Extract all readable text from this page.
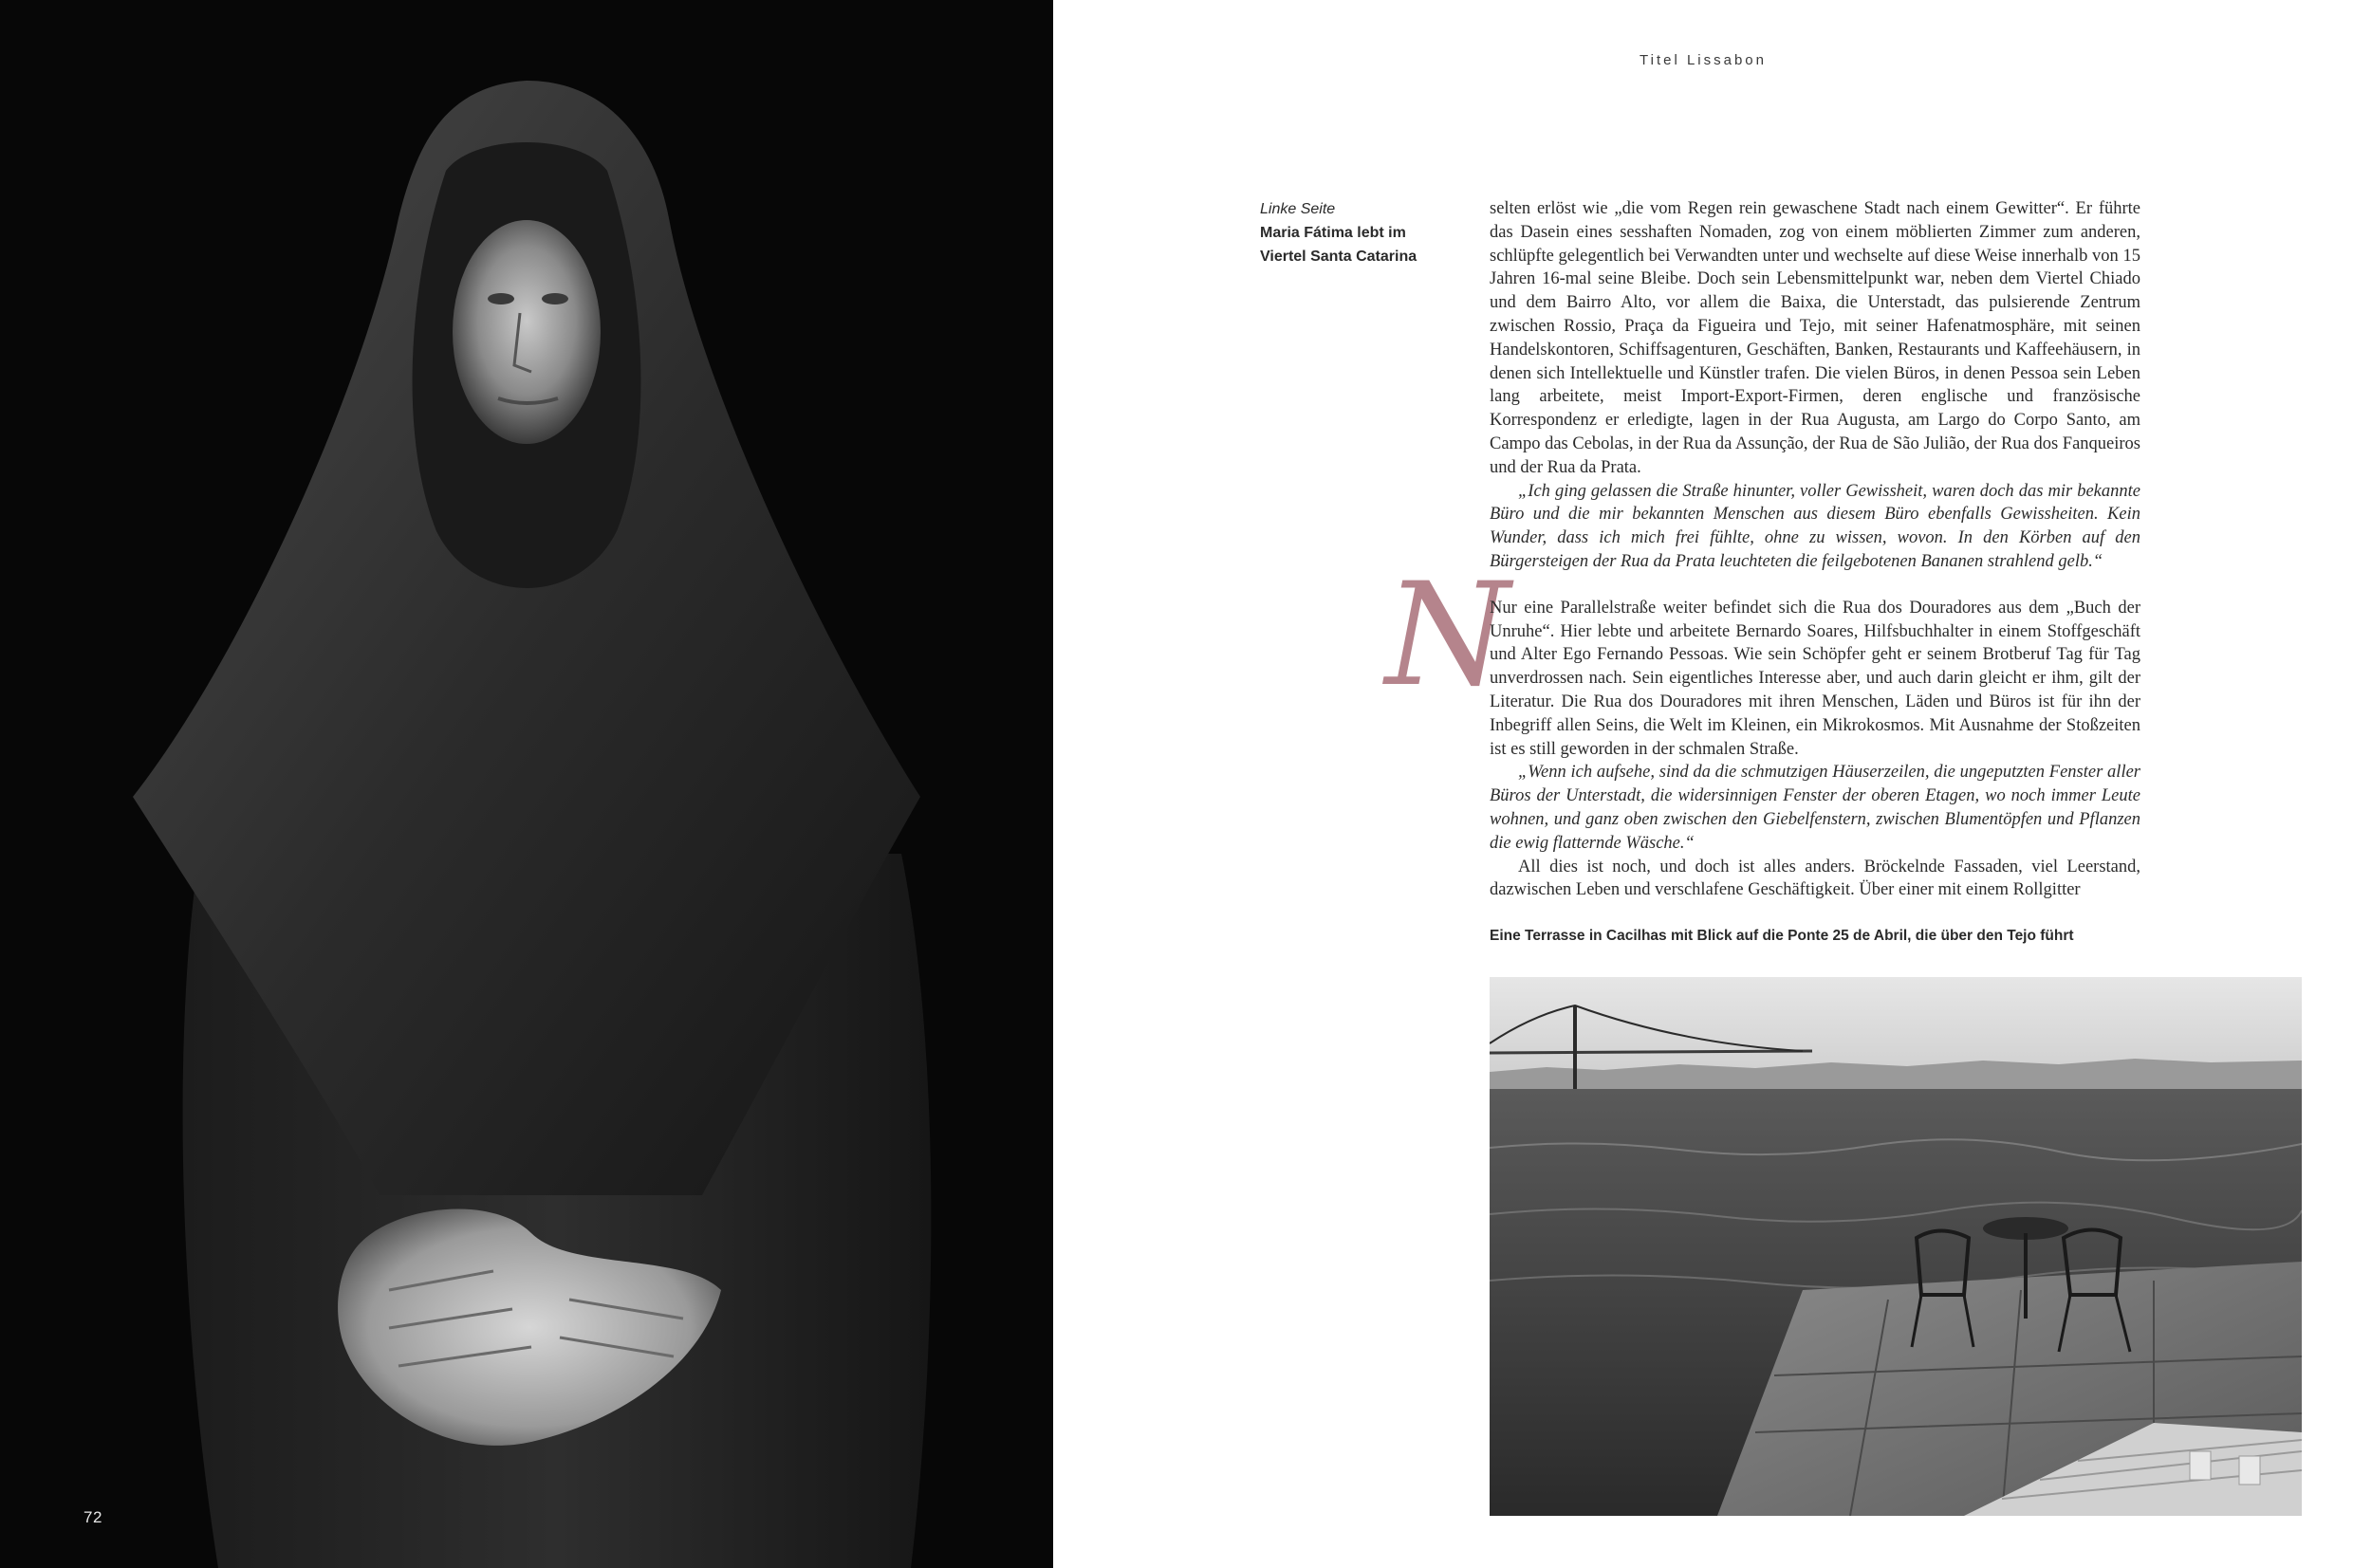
72
Titel Lissabon
Linke Seite
Maria Fátima lebt im Viertel Santa Catarina
N

selten erlöst wie „die vom Regen rein gewaschene Stadt nach einem Gewitter“. Er führte das Dasein eines sesshaften Nomaden, zog von einem möblierten Zimmer zum anderen, schlüpfte gelegentlich bei Verwandten unter und wechselte auf diese Weise innerhalb von 15 Jahren 16-mal seine Bleibe. Doch sein Lebensmittelpunkt war, neben dem Viertel Chiado und dem Bairro Alto, vor allem die Baixa, die Unterstadt, das pulsierende Zentrum zwischen Rossio, Praça da Figueira und Tejo, mit seiner Hafenatmosphäre, mit seinen Handelskontoren, Schiffsagenturen, Geschäften, Banken, Restaurants und Kaffeehäusern, in denen sich Intellektuelle und Künstler trafen. Die vielen Büros, in denen Pessoa sein Leben lang arbeitete, meist Import-Export-Firmen, deren englische und französische Korrespondenz er erledigte, lagen in der Rua Augusta, am Largo do Corpo Santo, am Campo das Cebolas, in der Rua da Assunção, der Rua de São Julião, der Rua dos Fanqueiros und der Rua da Prata.

„Ich ging gelassen die Straße hinunter, voller Gewissheit, waren doch das mir bekannte Büro und die mir bekannten Menschen aus diesem Büro ebenfalls Gewissheiten. Kein Wunder, dass ich mich frei fühlte, ohne zu wissen, wovon. In den Körben auf den Bürgersteigen der Rua da Prata leuchteten die feilgebotenen Bananen strahlend gelb.“

Nur eine Parallelstraße weiter befindet sich die Rua dos Douradores aus dem „Buch der Unruhe“. Hier lebte und arbeitete Bernardo Soares, Hilfsbuchhalter in einem Stoffgeschäft und Alter Ego Fernando Pessoas. Wie sein Schöpfer geht er seinem Brotberuf Tag für Tag unverdrossen nach. Sein eigentliches Interesse aber, und auch darin gleicht er ihm, gilt der Literatur. Die Rua dos Douradores mit ihren Menschen, Läden und Büros ist für ihn der Inbegriff allen Seins, die Welt im Kleinen, ein Mikrokosmos. Mit Ausnahme der Stoßzeiten ist es still geworden in der schmalen Straße.

„Wenn ich aufsehe, sind da die schmutzigen Häuserzeilen, die ungeputzten Fenster aller Büros der Unterstadt, die widersinnigen Fenster der oberen Etagen, wo noch immer Leute wohnen, und ganz oben zwischen den Giebelfenstern, zwischen Blumentöpfen und Pflanzen die ewig flatternde Wäsche.“

All dies ist noch, und doch ist alles anders. Bröckelnde Fassaden, viel Leerstand, dazwischen Leben und verschlafene Geschäftigkeit. Über einer mit einem Rollgitter

Eine Terrasse in Cacilhas mit Blick auf die Ponte 25 de Abril, die über den Tejo führt
